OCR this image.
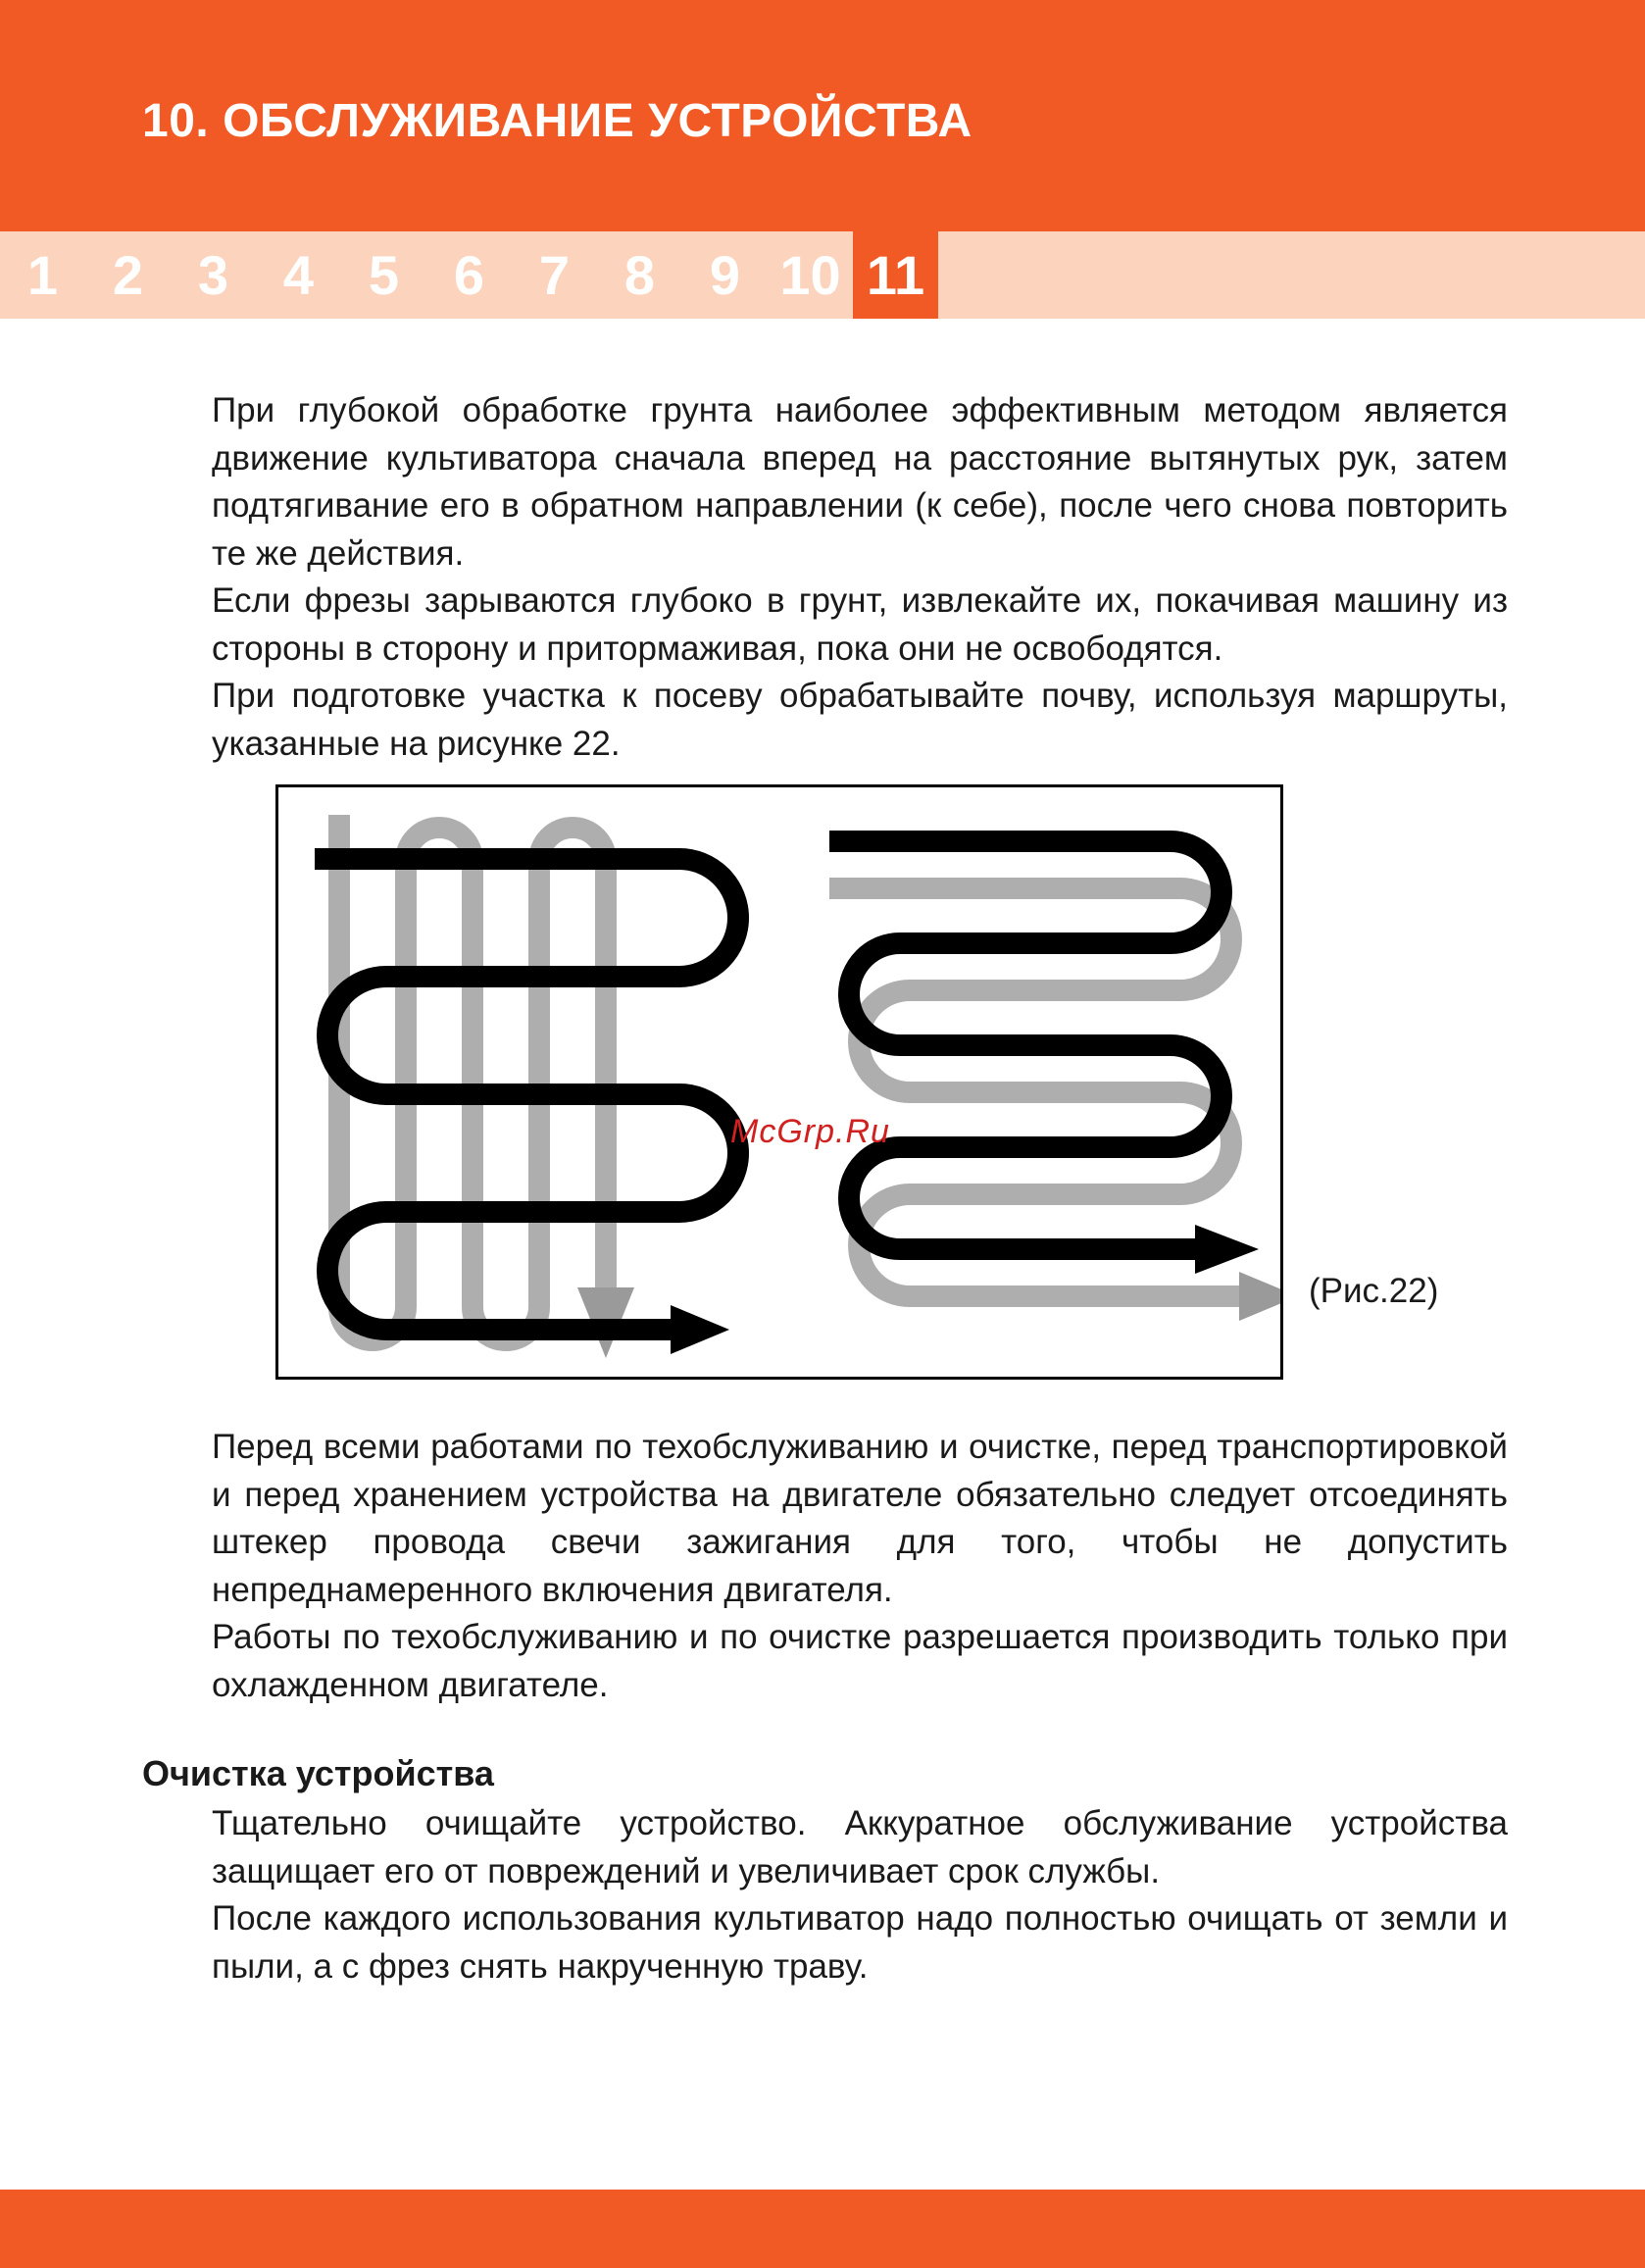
10. ОБСЛУЖИВАНИЕ УСТРОЙСТВА
1 2 3 4 5 6 7 8 9 10 11

При глубокой обработке грунта наиболее эффективным методом является движение культиватора сначала вперед на расстояние вытянутых рук, затем подтягивание его в обратном направлении (к себе), после чего снова повторить те же действия.

Если фрезы зарываются глубоко в грунт, извлекайте их, покачивая машину из стороны в сторону и притормаживая, пока они не освободятся.

При подготовке участка к посеву обрабатывайте почву, используя маршруты, указанные на рисунке 22.

McGrp.Ru
(Рис.22)

Перед всеми работами по техобслуживанию и очистке, перед транспортировкой и перед хранением устройства на двигателе обязательно следует отсоединять штекер провода свечи зажигания для того, чтобы не допустить непреднамеренного включения двигателя.

Работы по техобслуживанию и по очистке разрешается производить только при охлажденном двигателе.

Очистка устройства

Тщательно очищайте устройство. Аккуратное обслуживание устройства защищает его от повреждений и увеличивает срок службы.

После каждого использования культиватор надо полностью очищать от земли и пыли, а с фрез снять накрученную траву.
